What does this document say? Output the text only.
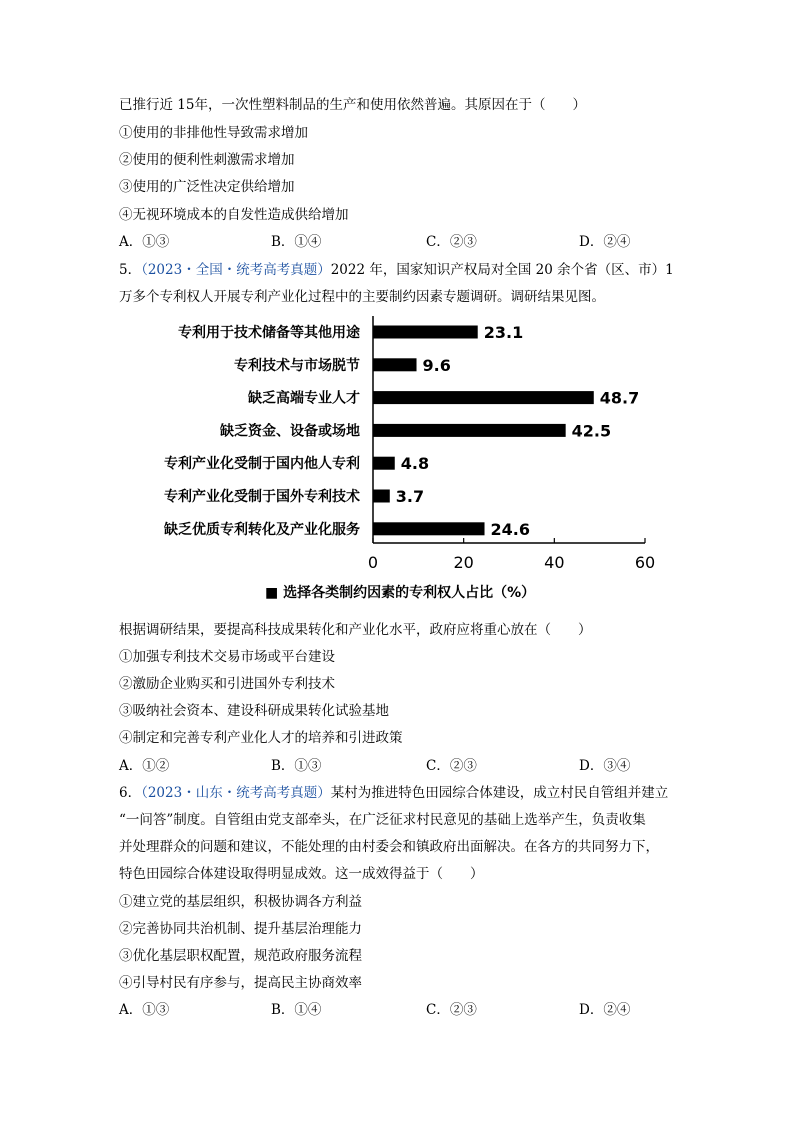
已推行近 15年，一次性塑料制品的生产和使用依然普遍。其原因在于（　　）
①使用的非排他性导致需求增加
②使用的便利性刺激需求增加
③使用的广泛性决定供给增加
④无视环境成本的自发性造成供给增加
A．①③	B．①④	C．②③	D．②④
5．（2023・全国・统考高考真题）2022 年，国家知识产权局对全国 20 余个省（区、市）1
万多个专利权人开展专利产业化过程中的主要制约因素专题调研。调研结果见图。
专利用于技术储备等其他用途	23.1
专利技术与市场脱节	9.6
缺乏高端专业人才	48.7
缺乏资金、设备或场地	42.5
专利产业化受制于国内他人专利	4.8
专利产业化受制于国外专利技术 3.7
缺乏优质专利转化及产业化服务	24.6
0	20	40	60
■ 选择各类制约因素的专利权人占比（%）
根据调研结果，要提高科技成果转化和产业化水平，政府应将重心放在（　　）
①加强专利技术交易市场或平台建设
②激励企业购买和引进国外专利技术
③吸纳社会资本、建设科研成果转化试验基地
④制定和完善专利产业化人才的培养和引进政策
A．①②	B．①③	C．②③	D．③④
6．（2023・山东・统考高考真题）某村为推进特色田园综合体建设，成立村民自管组并建立
“一问答”制度。自管组由党支部牵头，在广泛征求村民意见的基础上选举产生，负责收集
并处理群众的问题和建议，不能处理的由村委会和镇政府出面解决。在各方的共同努力下，
特色田园综合体建设取得明显成效。这一成效得益于（　　）
①建立党的基层组织，积极协调各方利益
②完善协同共治机制、提升基层治理能力
③优化基层职权配置，规范政府服务流程
④引导村民有序参与，提高民主协商效率
A．①③	B．①④	C．②③	D．②④
